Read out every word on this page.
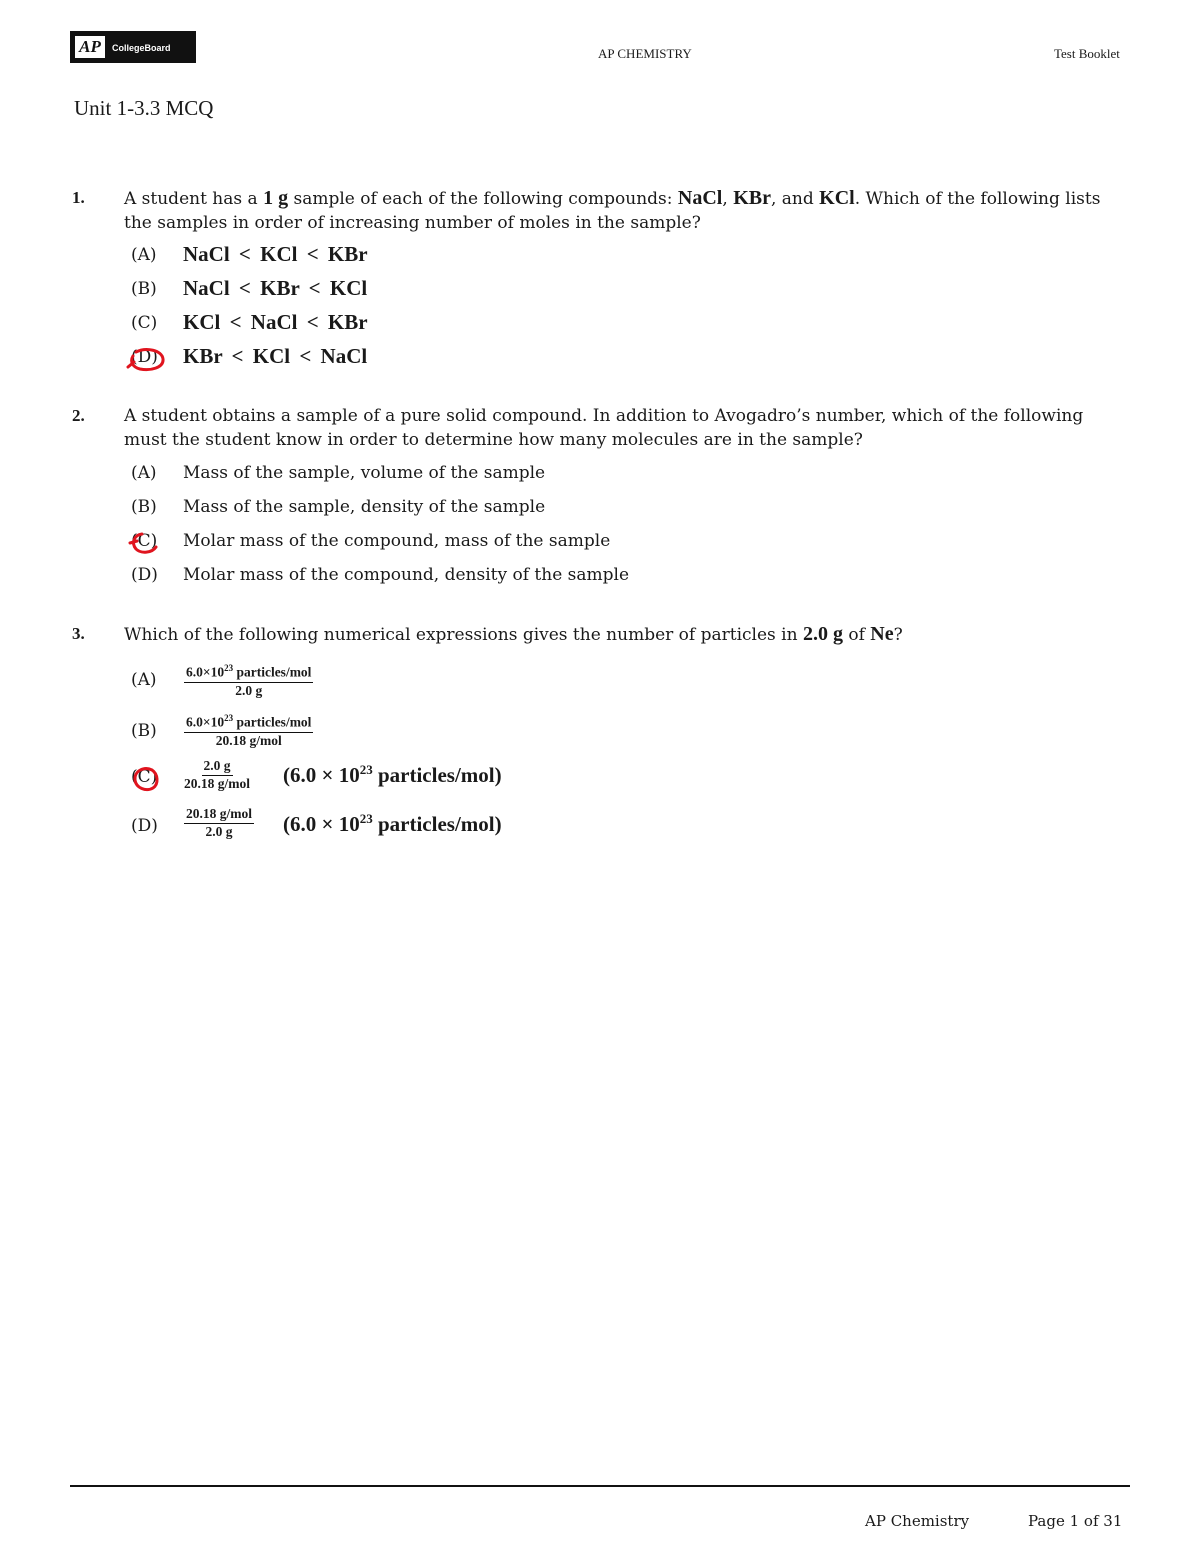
AP	CollegeBoard	AP CHEMISTRY	Test Booklet
Unit 1-3.3 MCQ
1. A student has a 1 g sample of each of the following compounds: NaCl, KBr, and KCl. Which of the following lists the samples in order of increasing number of moles in the sample?
(A)	NaCl < KCl < KBr
(B)	NaCl < KBr < KCl
(C)	KCl < NaCl < KBr
(D)	KBr < KCl < NaCl
2. A student obtains a sample of a pure solid compound. In addition to Avogadro’s number, which of the following must the student know in order to determine how many molecules are in the sample?
(A)	Mass of the sample, volume of the sample
(B)	Mass of the sample, density of the sample
(C)	Molar mass of the compound, mass of the sample
(D)	Molar mass of the compound, density of the sample
3. Which of the following numerical expressions gives the number of particles in 2.0 g of Ne?
(A)	$6.0\times 10^{23}$ particles/mol
2.0 g
(B)	$6.0\times 10^{23}$ particles/mol
20.18 g/mol
(C)
2.0 g
20.18 g/mol ($6.0 \times 10^{23}$ particles/mol)
(D)
20.18 g/mol
2.0 g ($6.0 \times 10^{23}$ particles/mol)
AP Chemistry	Page 1 of 31
